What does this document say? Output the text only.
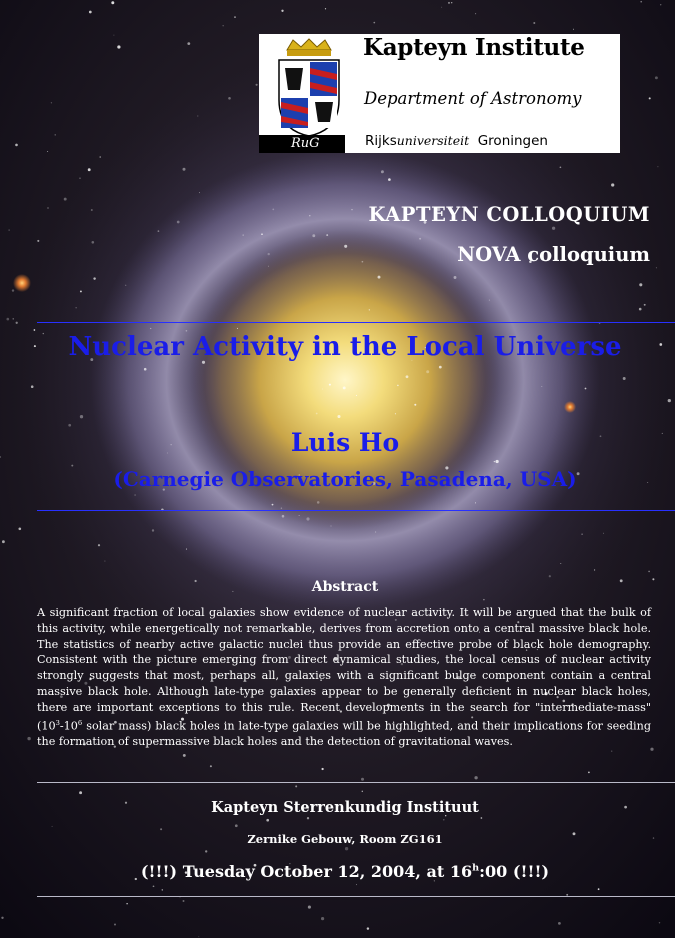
RuG
Kapteyn Institute
Department of Astronomy
Rijksuniversiteit Groningen
KAPTEYN COLLOQUIUM
NOVA colloquium
Nuclear Activity in the Local Universe
Luis Ho
(Carnegie Observatories, Pasadena, USA)
Abstract
A significant fraction of local galaxies show evidence of nuclear activity. It will be argued that the bulk of this activity, while energetically not remarkable, derives from accretion onto a central massive black hole. The statistics of nearby active galactic nuclei thus provide an effective probe of black hole demography. Consistent with the picture emerging from direct dynamical studies, the local census of nuclear activity strongly suggests that most, perhaps all, galaxies with a significant bulge component contain a central massive black hole. Although late-type galaxies appear to be generally deficient in nuclear black holes, there are important exceptions to this rule. Recent developments in the search for "intermediate-mass" ($10^3-10^6$ solar mass) black holes in late-type galaxies will be highlighted, and their implications for seeding the formation of supermassive black holes and the detection of gravitational waves.
Kapteyn Sterrenkundig Instituut
Zernike Gebouw, Room ZG161
(!!!) Tuesday October 12, 2004, at 16$^h$:00 (!!!)
